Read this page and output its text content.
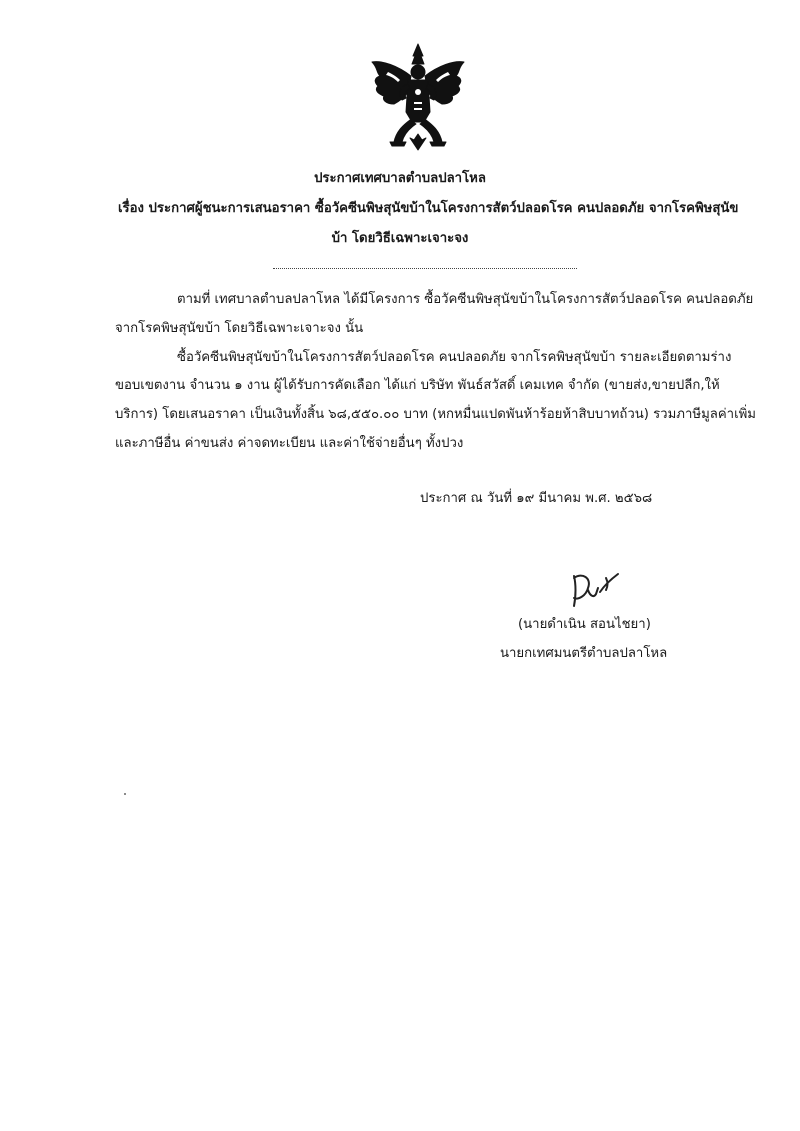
ประกาศเทศบาลตำบลปลาโหล
เรื่อง ประกาศผู้ชนะการเสนอราคา ซื้อวัคซีนพิษสุนัขบ้าในโครงการสัตว์ปลอดโรค คนปลอดภัย จากโรคพิษสุนัข
บ้า โดยวิธีเฉพาะเจาะจง
ตามที่ เทศบาลตำบลปลาโหล ได้มีโครงการ ซื้อวัคซีนพิษสุนัขบ้าในโครงการสัตว์ปลอดโรค คนปลอดภัย
จากโรคพิษสุนัขบ้า โดยวิธีเฉพาะเจาะจง นั้น
ซื้อวัคซีนพิษสุนัขบ้าในโครงการสัตว์ปลอดโรค คนปลอดภัย จากโรคพิษสุนัขบ้า รายละเอียดตามร่าง
ขอบเขตงาน จำนวน ๑ งาน ผู้ได้รับการคัดเลือก ได้แก่ บริษัท พันธ์สวัสดิ์ เคมเทค จำกัด (ขายส่ง,ขายปลีก,ให้
บริการ) โดยเสนอราคา เป็นเงินทั้งสิ้น ๖๘,๕๕๐.๐๐ บาท (หกหมื่นแปดพันห้าร้อยห้าสิบบาทถ้วน) รวมภาษีมูลค่าเพิ่ม
และภาษีอื่น ค่าขนส่ง ค่าจดทะเบียน และค่าใช้จ่ายอื่นๆ ทั้งปวง
ประกาศ ณ วันที่ ๑๙ มีนาคม พ.ศ. ๒๕๖๘
(นายดำเนิน สอนไชยา)
นายกเทศมนตรีตำบลปลาโหล
